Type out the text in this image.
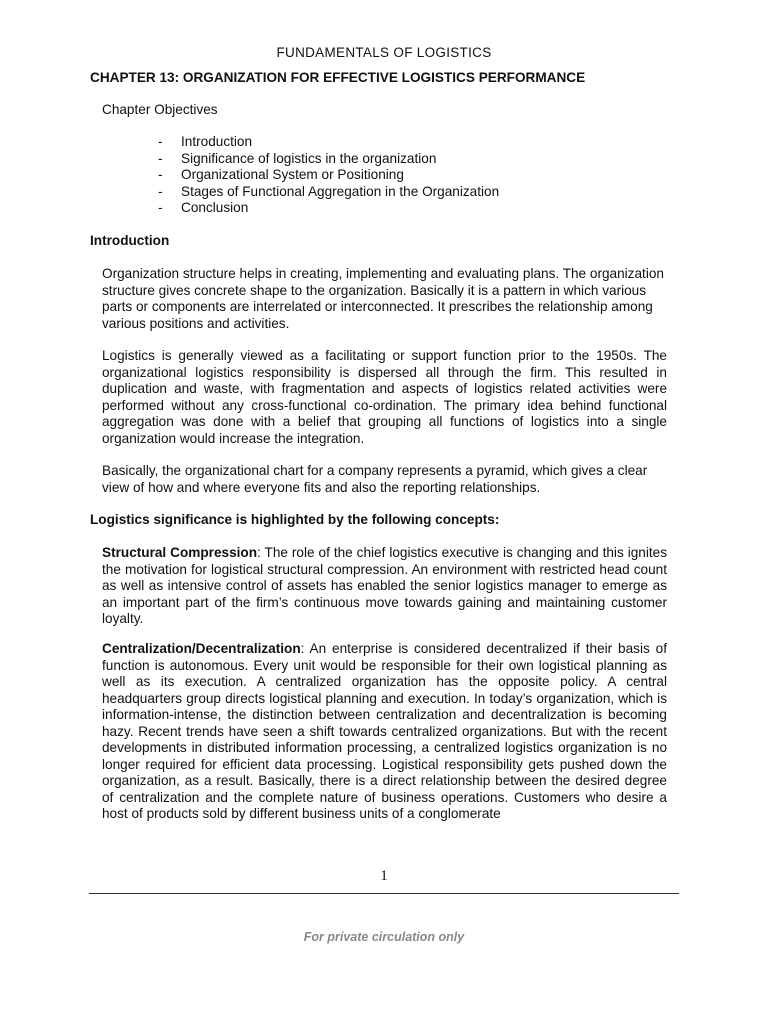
FUNDAMENTALS OF LOGISTICS
CHAPTER 13: ORGANIZATION FOR EFFECTIVE LOGISTICS PERFORMANCE
Chapter Objectives
- Introduction
- Significance of logistics in the organization
- Organizational System or Positioning
- Stages of Functional Aggregation in the Organization
- Conclusion
Introduction

Organization structure helps in creating, implementing and evaluating plans. The organization structure gives concrete shape to the organization. Basically it is a pattern in which various parts or components are interrelated or interconnected. It prescribes the relationship among various positions and activities.

Logistics is generally viewed as a facilitating or support function prior to the 1950s. The organizational logistics responsibility is dispersed all through the firm. This resulted in duplication and waste, with fragmentation and aspects of logistics related activities were performed without any cross-functional co-ordination. The primary idea behind functional aggregation was done with a belief that grouping all functions of logistics into a single organization would increase the integration.

Basically, the organizational chart for a company represents a pyramid, which gives a clear view of how and where everyone fits and also the reporting relationships.

Logistics significance is highlighted by the following concepts:

Structural Compression: The role of the chief logistics executive is changing and this ignites the motivation for logistical structural compression. An environment with restricted head count as well as intensive control of assets has enabled the senior logistics manager to emerge as an important part of the firm’s continuous move towards gaining and maintaining customer loyalty.

Centralization/Decentralization: An enterprise is considered decentralized if their basis of function is autonomous. Every unit would be responsible for their own logistical planning as well as its execution. A centralized organization has the opposite policy. A central headquarters group directs logistical planning and execution. In today’s organization, which is information-intense, the distinction between centralization and decentralization is becoming hazy. Recent trends have seen a shift towards centralized organizations. But with the recent developments in distributed information processing, a centralized logistics organization is no longer required for efficient data processing. Logistical responsibility gets pushed down the organization, as a result. Basically, there is a direct relationship between the desired degree of centralization and the complete nature of business operations. Customers who desire a host of products sold by different business units of a conglomerate

1
For private circulation only
